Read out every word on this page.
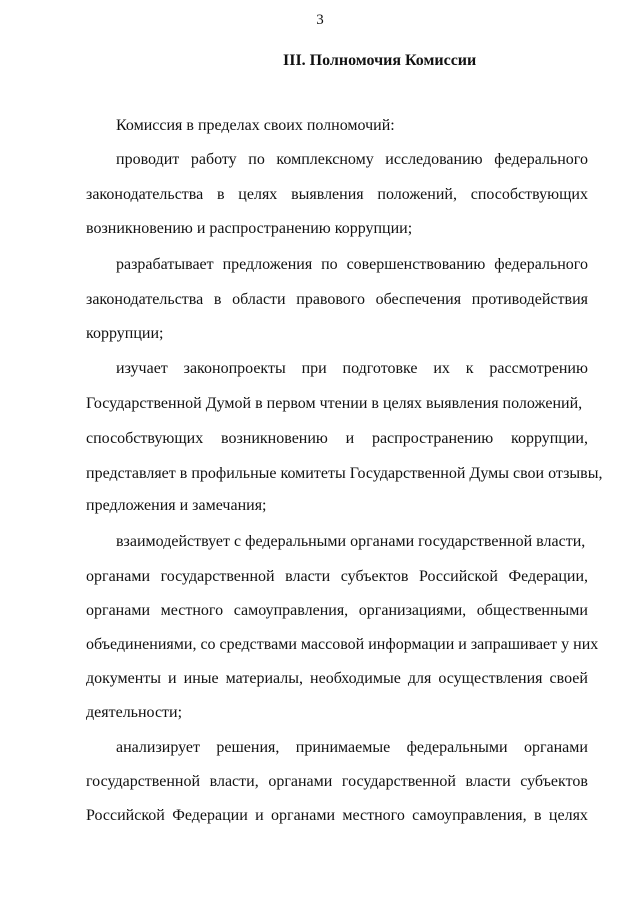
3
III. Полномочия Комиссии
Комиссия в пределах своих полномочий:
проводит работу по комплексному исследованию федерального
законодательства в целях выявления положений, способствующих
возникновению и распространению коррупции;
разрабатывает предложения по совершенствованию федерального
законодательства в области правового обеспечения противодействия
коррупции;
изучает законопроекты при подготовке их к рассмотрению
Государственной Думой в первом чтении в целях выявления положений,
способствующих возникновению и распространению коррупции,
представляет в профильные комитеты Государственной Думы свои отзывы,
предложения и замечания;
взаимодействует с федеральными органами государственной власти,
органами государственной власти субъектов Российской Федерации,
органами местного самоуправления, организациями, общественными
объединениями, со средствами массовой информации и запрашивает у них
документы и иные материалы, необходимые для осуществления своей
деятельности;
анализирует решения, принимаемые федеральными органами
государственной власти, органами государственной власти субъектов
Российской Федерации и органами местного самоуправления, в целях
